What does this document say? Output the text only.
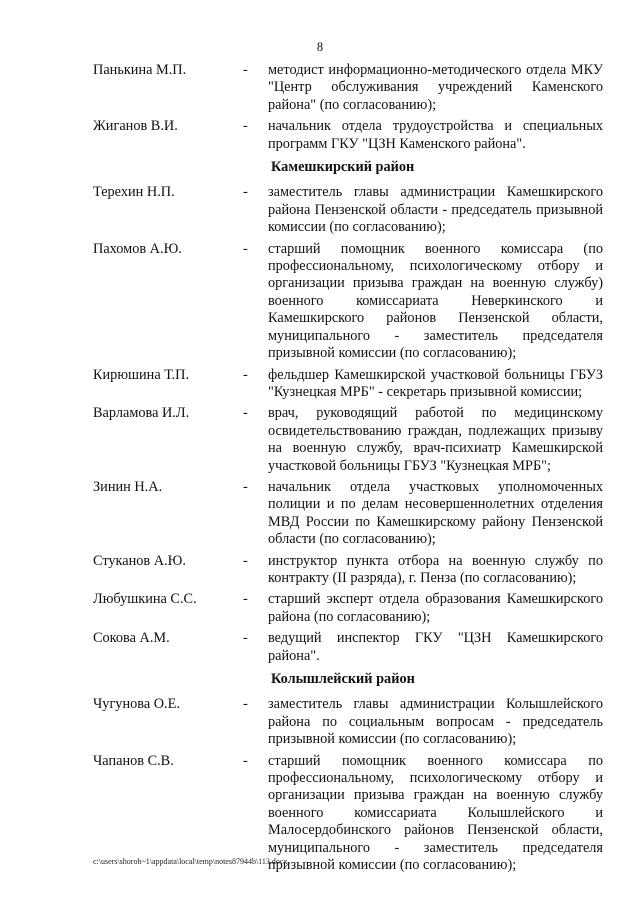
8
Панькина М.П.	-	методист информационно-методического отдела МКУ "Центр обслуживания учреждений Каменского района" (по согласованию);
Жиганов В.И.	-	начальник отдела трудоустройства и специальных программ ГКУ "ЦЗН Каменского района".
Камешкирский район
Терехин Н.П.	-	заместитель главы администрации Камешкирского района Пензенской области - председатель призывной комиссии (по согласованию);
Пахомов А.Ю.	-	старший помощник военного комиссара (по профессиональному, психологическому отбору и организации призыва граждан на военную службу) военного комиссариата Неверкинского и Камешкирского районов Пензенской области, муниципального - заместитель председателя призывной комиссии (по согласованию);
Кирюшина Т.П.	-	фельдшер Камешкирской участковой больницы ГБУЗ "Кузнецкая МРБ" - секретарь призывной комиссии;
Варламова И.Л.	-	врач, руководящий работой по медицинскому освидетельствованию граждан, подлежащих призыву на военную службу, врач-психиатр Камешкирской участковой больницы ГБУЗ "Кузнецкая МРБ";
Зинин Н.А.	-	начальник отдела участковых уполномоченных полиции и по делам несовершеннолетних отделения МВД России по Камешкирскому району Пензенской области (по согласованию);
Стуканов А.Ю.	-	инструктор пункта отбора на военную службу по контракту (II разряда), г. Пенза (по согласованию);
Любушкина С.С.	-	старший эксперт отдела образования Камешкирского района (по согласованию);
Сокова А.М.	-	ведущий инспектор ГКУ "ЦЗН Камешкирского района".
Колышлейский район
Чугунова О.Е.	-	заместитель главы администрации Колышлейского района по социальным вопросам - председатель призывной комиссии (по согласованию);
Чапанов С.В.	-	старший помощник военного комиссара по профессиональному, психологическому отбору и организации призыва граждан на военную службу военного комиссариата Колышлейского и Малосердобинского районов Пензенской области, муниципального - заместитель председателя призывной комиссии (по согласованию);
c:\users\shoroh~1\appdata\local\temp\notes87944b\113.docx
